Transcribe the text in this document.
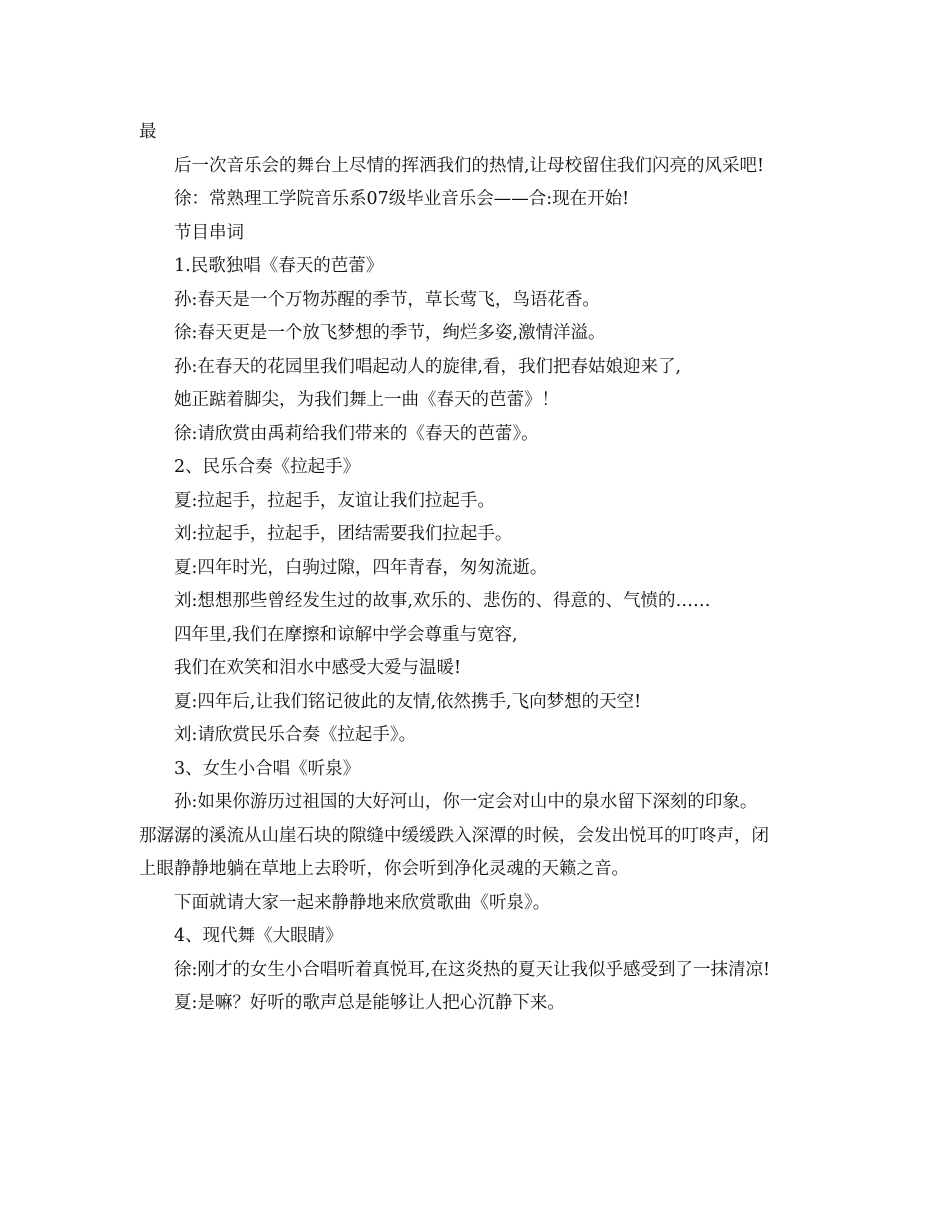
最
后一次音乐会的舞台上尽情的挥洒我们的热情,让母校留住我们闪亮的风采吧!
徐：常熟理工学院音乐系07级毕业音乐会——合:现在开始!
节目串词
1.民歌独唱《春天的芭蕾》
孙:春天是一个万物苏醒的季节，草长莺飞，鸟语花香。
徐:春天更是一个放飞梦想的季节，绚烂多姿,激情洋溢。
孙:在春天的花园里我们唱起动人的旋律,看，我们把春姑娘迎来了,
她正踮着脚尖，为我们舞上一曲《春天的芭蕾》！
徐:请欣赏由禹莉给我们带来的《春天的芭蕾》。
2、民乐合奏《拉起手》
夏:拉起手，拉起手，友谊让我们拉起手。
刘:拉起手，拉起手，团结需要我们拉起手。
夏:四年时光，白驹过隙，四年青春，匆匆流逝。
刘:想想那些曾经发生过的故事,欢乐的、悲伤的、得意的、气愤的……
四年里,我们在摩擦和谅解中学会尊重与宽容,
我们在欢笑和泪水中感受大爱与温暖!
夏:四年后,让我们铭记彼此的友情,依然携手,飞向梦想的天空!
刘:请欣赏民乐合奏《拉起手》。
3、女生小合唱《听泉》
孙:如果你游历过祖国的大好河山，你一定会对山中的泉水留下深刻的印象。
那潺潺的溪流从山崖石块的隙缝中缓缓跌入深潭的时候，会发出悦耳的叮咚声，闭
上眼静静地躺在草地上去聆听，你会听到净化灵魂的天籁之音。
下面就请大家一起来静静地来欣赏歌曲《听泉》。
4、现代舞《大眼睛》
徐:刚才的女生小合唱听着真悦耳,在这炎热的夏天让我似乎感受到了一抹清凉!
夏:是嘛？好听的歌声总是能够让人把心沉静下来。
